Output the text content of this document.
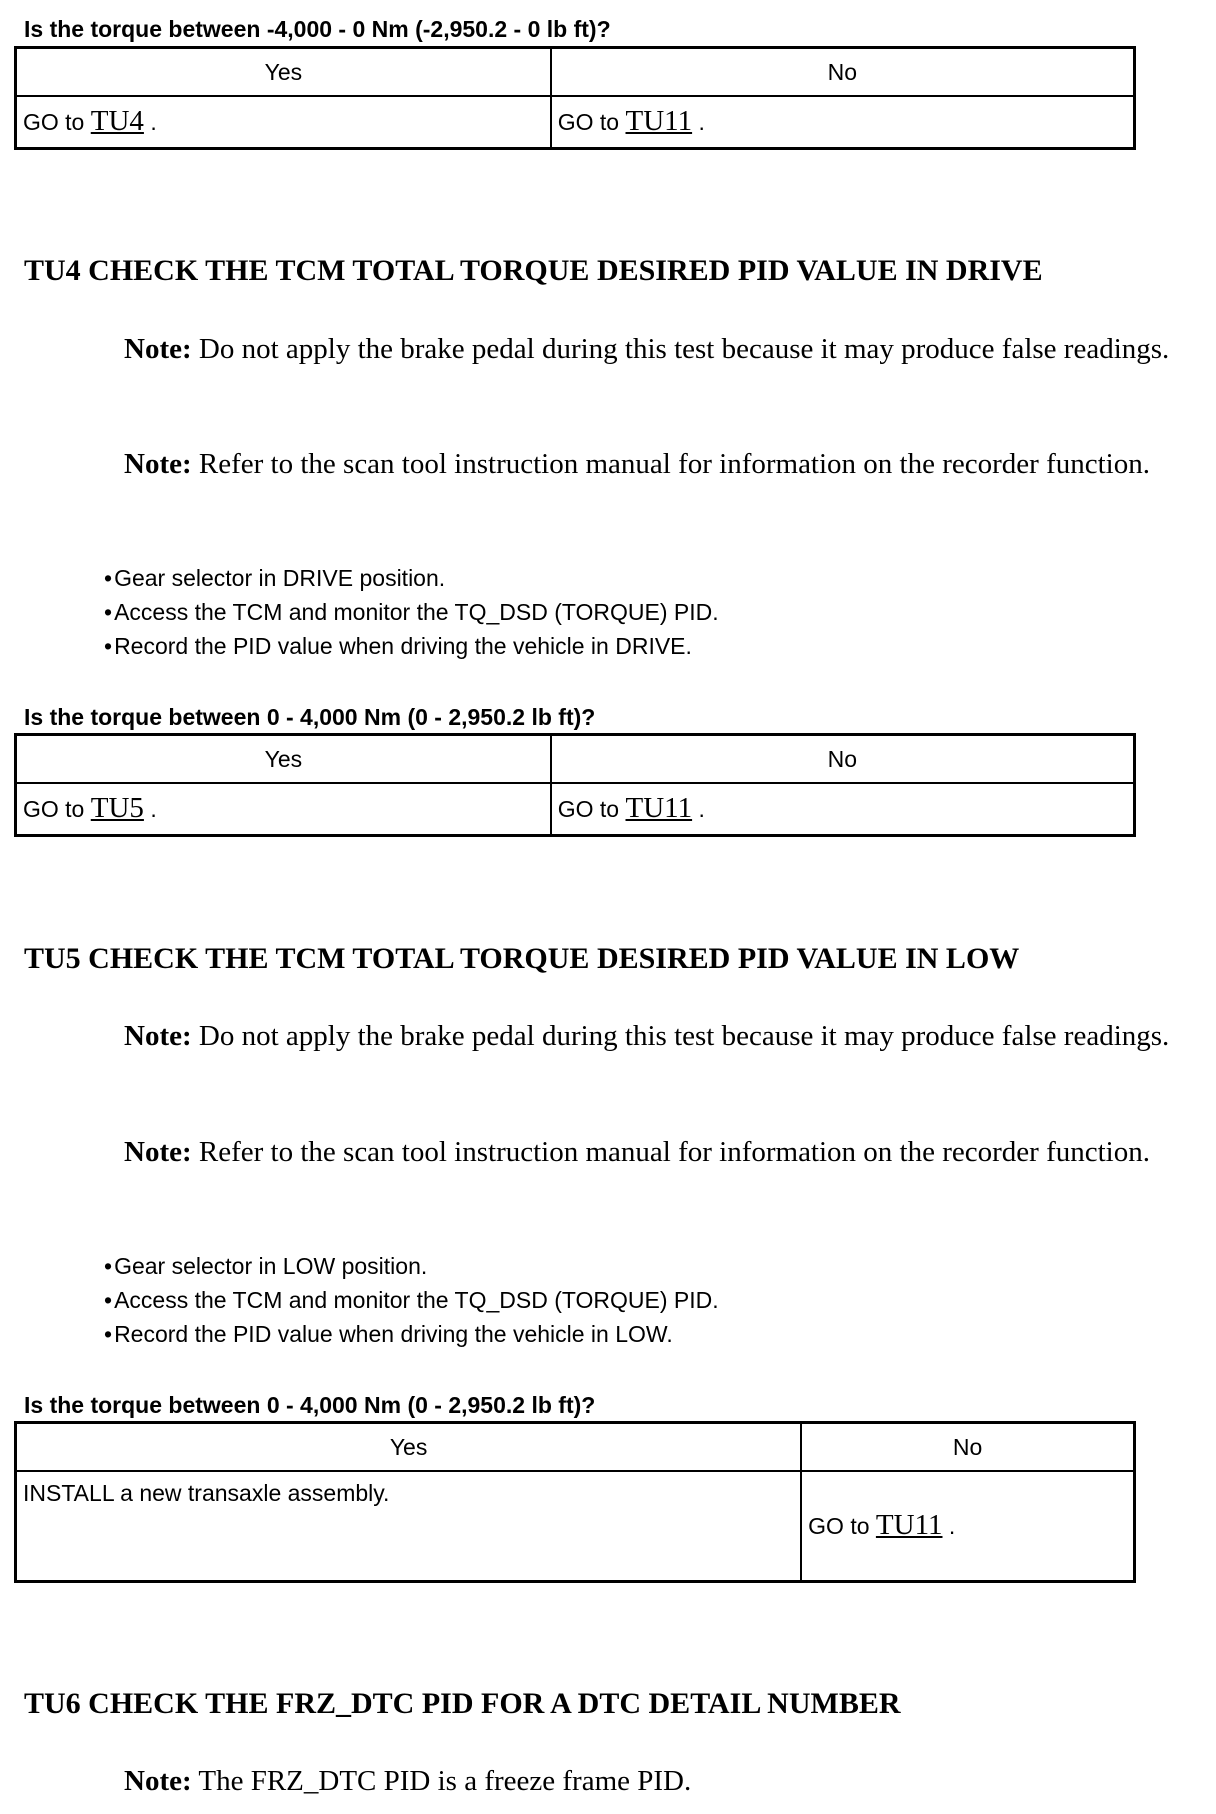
Is the torque between -4,000 - 0 Nm (-2,950.2 - 0 lb ft)?
Yes	No
GO to TU4 .	GO to TU11 .
TU4 CHECK THE TCM TOTAL TORQUE DESIRED PID VALUE IN DRIVE
Note: Do not apply the brake pedal during this test because it may produce false readings.
Note: Refer to the scan tool instruction manual for information on the recorder function.
• Gear selector in DRIVE position.
• Access the TCM and monitor the TQ_DSD (TORQUE) PID.
• Record the PID value when driving the vehicle in DRIVE.
Is the torque between 0 - 4,000 Nm (0 - 2,950.2 lb ft)?
Yes	No
GO to TU5 .	GO to TU11 .
TU5 CHECK THE TCM TOTAL TORQUE DESIRED PID VALUE IN LOW
Note: Do not apply the brake pedal during this test because it may produce false readings.
Note: Refer to the scan tool instruction manual for information on the recorder function.
• Gear selector in LOW position.
• Access the TCM and monitor the TQ_DSD (TORQUE) PID.
• Record the PID value when driving the vehicle in LOW.
Is the torque between 0 - 4,000 Nm (0 - 2,950.2 lb ft)?
Yes	No
INSTALL a new transaxle assembly.	GO to TU11 .
TU6 CHECK THE FRZ_DTC PID FOR A DTC DETAIL NUMBER
Note: The FRZ_DTC PID is a freeze frame PID.
